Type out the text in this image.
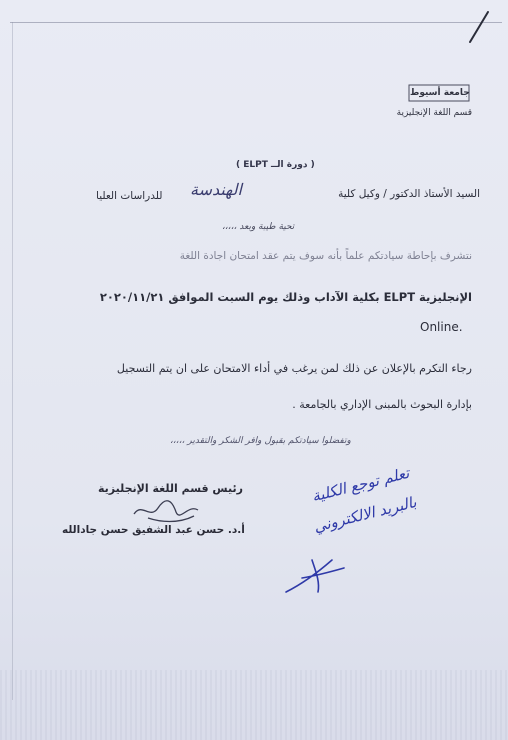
جامعة أسيوط
قسم اللغة الإنجليزية
( دورة الــ ELPT )
السيد الأستاذ الدكتور / وكيل كلية
الهندسة
للدراسات العليا
تحية طيبة وبعد ،،،،،
نتشرف بإحاطة سيادتكم علماً بأنه سوف يتم عقد امتحان اجادة اللغة
الإنجليزية ELPT بكلية الآداب وذلك يوم السبت الموافق ٢٠٢٠/١١/٢١
Online.
رجاء التكرم بالإعلان عن ذلك لمن يرغب في أداء الامتحان على ان يتم التسجيل
بإدارة البحوث بالمبنى الإداري بالجامعة .
وتفضلوا سيادتكم بقبول وافر الشكر والتقدير ،،،،،
رئيس قسم اللغة الإنجليزية
أ.د. حسن عبد الشفيق حسن جادالله
تعلم توجع الكلية
بالبريد الالكتروني
